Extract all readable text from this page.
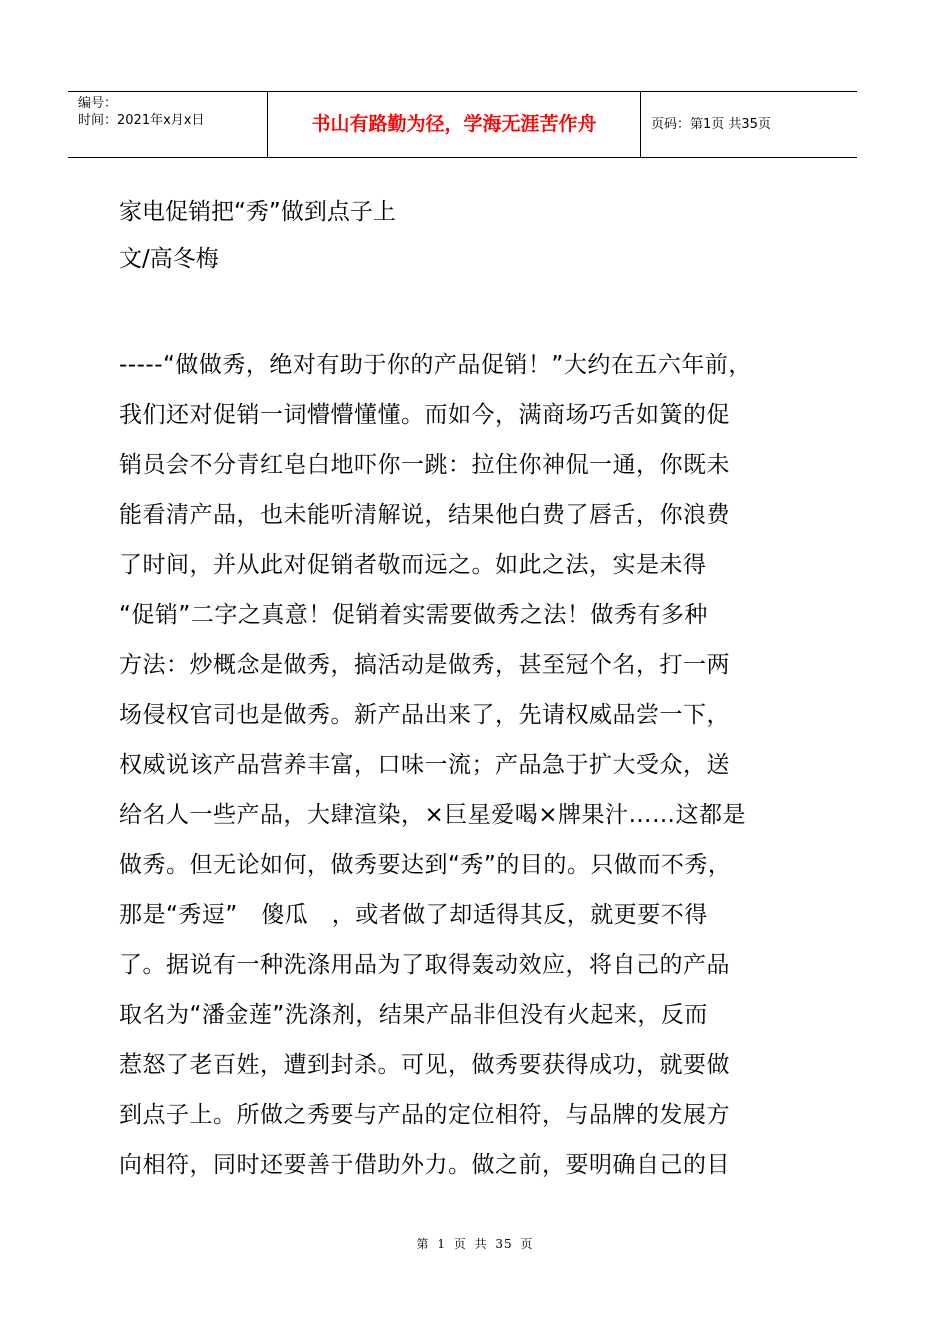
编号：
时间：2021年x月x日	书山有路勤为径，学海无涯苦作舟	页码：第1页 共35页
家电促销把“秀”做到点子上
文/高冬梅
-----“做做秀，绝对有助于你的产品促销！”大约在五六年前，
我们还对促销一词懵懵懂懂。而如今，满商场巧舌如簧的促
销员会不分青红皂白地吓你一跳：拉住你神侃一通，你既未
能看清产品，也未能听清解说，结果他白费了唇舌，你浪费
了时间，并从此对促销者敬而远之。如此之法，实是未得
“促销”二字之真意！促销着实需要做秀之法！做秀有多种
方法：炒概念是做秀，搞活动是做秀，甚至冠个名，打一两
场侵权官司也是做秀。新产品出来了，先请权威品尝一下，
权威说该产品营养丰富，口味一流；产品急于扩大受众，送
给名人一些产品，大肆渲染，×巨星爱喝×牌果汁……这都是
做秀。但无论如何，做秀要达到“秀”的目的。只做而不秀，
那是“秀逗”   傻瓜   ，或者做了却适得其反，就更要不得
了。据说有一种洗涤用品为了取得轰动效应，将自己的产品
取名为“潘金莲”洗涤剂，结果产品非但没有火起来，反而
惹怒了老百姓，遭到封杀。可见，做秀要获得成功，就要做
到点子上。所做之秀要与产品的定位相符，与品牌的发展方
向相符，同时还要善于借助外力。做之前，要明确自己的目
第 1 页 共 35 页
